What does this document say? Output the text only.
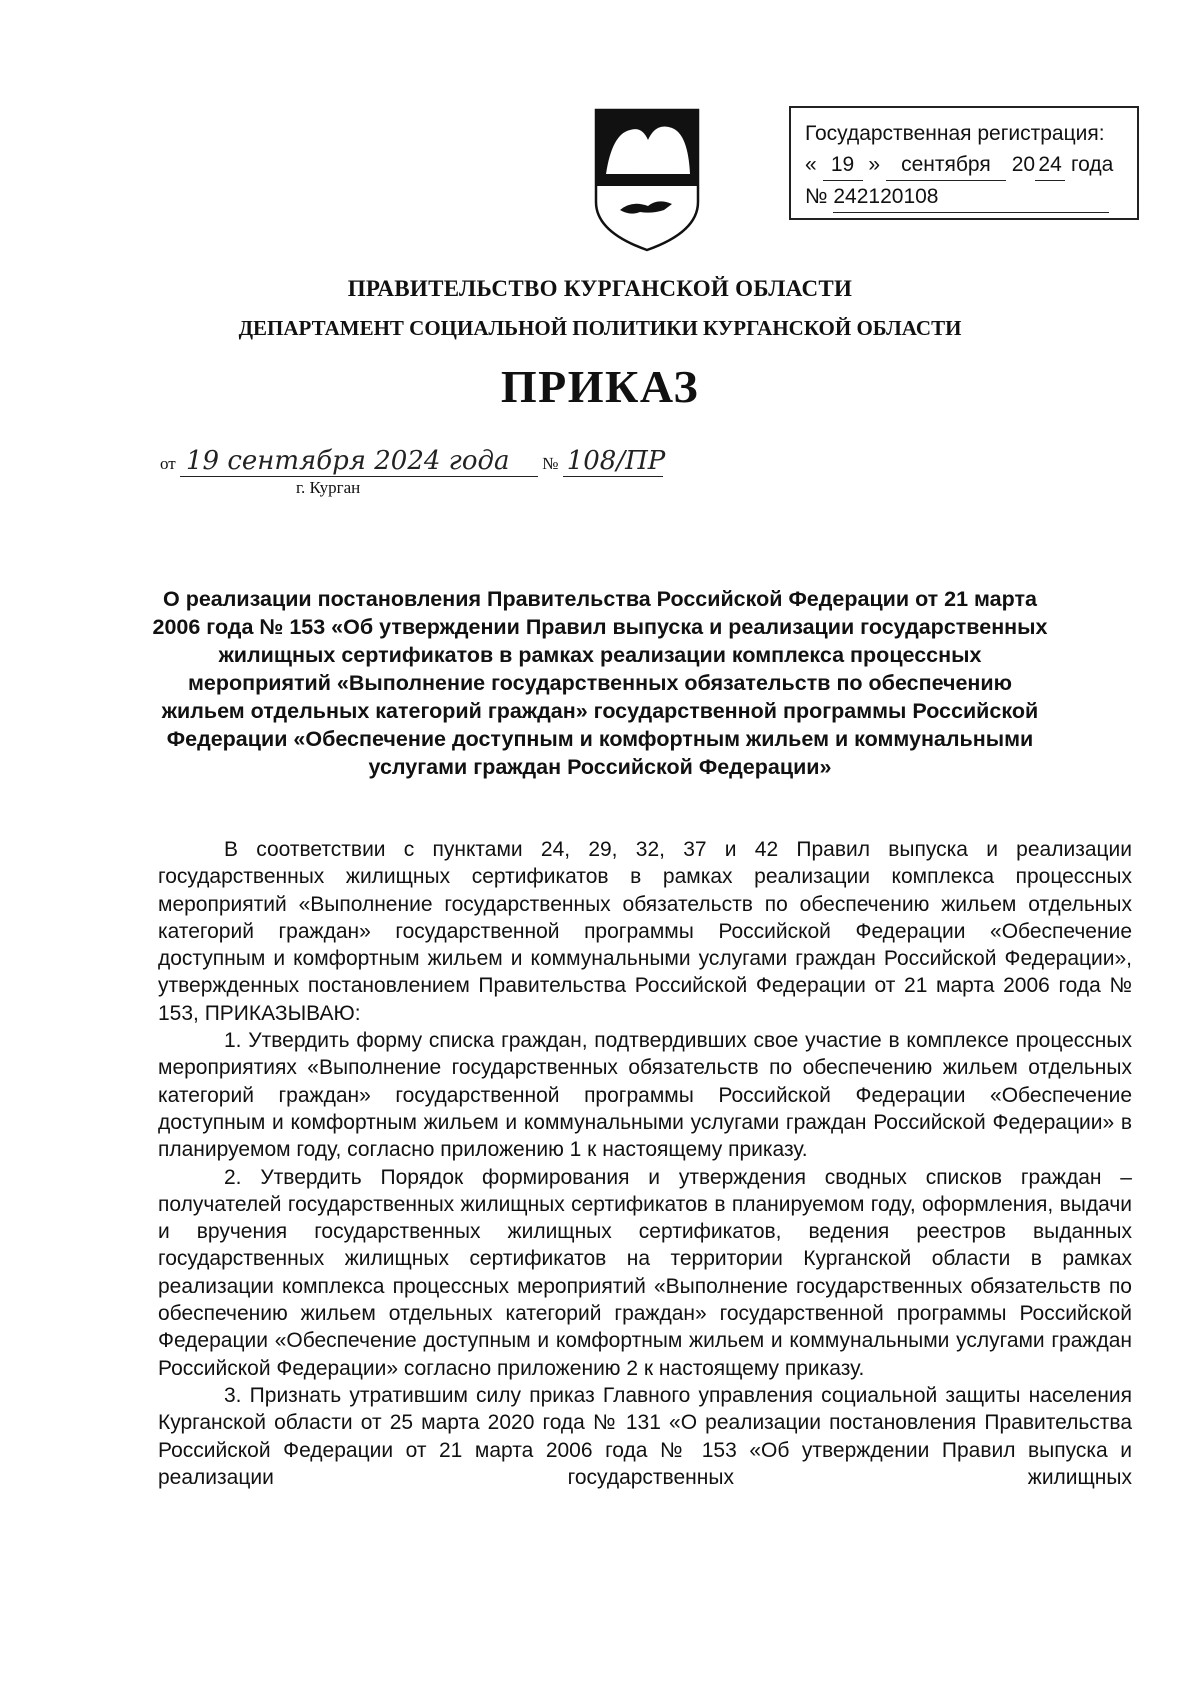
Государственная регистрация:
« 19 » сентября 20 24 года
№ 242120108
ПРАВИТЕЛЬСТВО КУРГАНСКОЙ ОБЛАСТИ
ДЕПАРТАМЕНТ СОЦИАЛЬНОЙ ПОЛИТИКИ КУРГАНСКОЙ ОБЛАСТИ
ПРИКАЗ
от 19 сентября 2024 года № 108/ПР
г. Курган
О реализации постановления Правительства Российской Федерации от 21 марта 2006 года № 153 «Об утверждении Правил выпуска и реализации государственных жилищных сертификатов в рамках реализации комплекса процессных мероприятий «Выполнение государственных обязательств по обеспечению жильем отдельных категорий граждан» государственной программы Российской Федерации «Обеспечение доступным и комфортным жильем и коммунальными услугами граждан Российской Федерации»

В соответствии с пунктами 24, 29, 32, 37 и 42 Правил выпуска и реализации государственных жилищных сертификатов в рамках реализации комплекса процессных мероприятий «Выполнение государственных обязательств по обеспечению жильем отдельных категорий граждан» государственной программы Российской Федерации «Обеспечение доступным и комфортным жильем и коммунальными услугами граждан Российской Федерации», утвержденных постановлением Правительства Российской Федерации от 21 марта 2006 года № 153, ПРИКАЗЫВАЮ:

1. Утвердить форму списка граждан, подтвердивших свое участие в комплексе процессных мероприятиях «Выполнение государственных обязательств по обеспечению жильем отдельных категорий граждан» государственной программы Российской Федерации «Обеспечение доступным и комфортным жильем и коммунальными услугами граждан Российской Федерации» в планируемом году, согласно приложению 1 к настоящему приказу.

2. Утвердить Порядок формирования и утверждения сводных списков граждан – получателей государственных жилищных сертификатов в планируемом году, оформления, выдачи и вручения государственных жилищных сертификатов, ведения реестров выданных государственных жилищных сертификатов на территории Курганской области в рамках реализации комплекса процессных мероприятий «Выполнение государственных обязательств по обеспечению жильем отдельных категорий граждан» государственной программы Российской Федерации «Обеспечение доступным и комфортным жильем и коммунальными услугами граждан Российской Федерации» согласно приложению 2 к настоящему приказу.

3. Признать утратившим силу приказ Главного управления социальной защиты населения Курганской области от 25 марта 2020 года № 131 «О реализации постановления Правительства Российской Федерации от 21 марта 2006 года № 153 «Об утверждении Правил выпуска и реализации государственных жилищных
